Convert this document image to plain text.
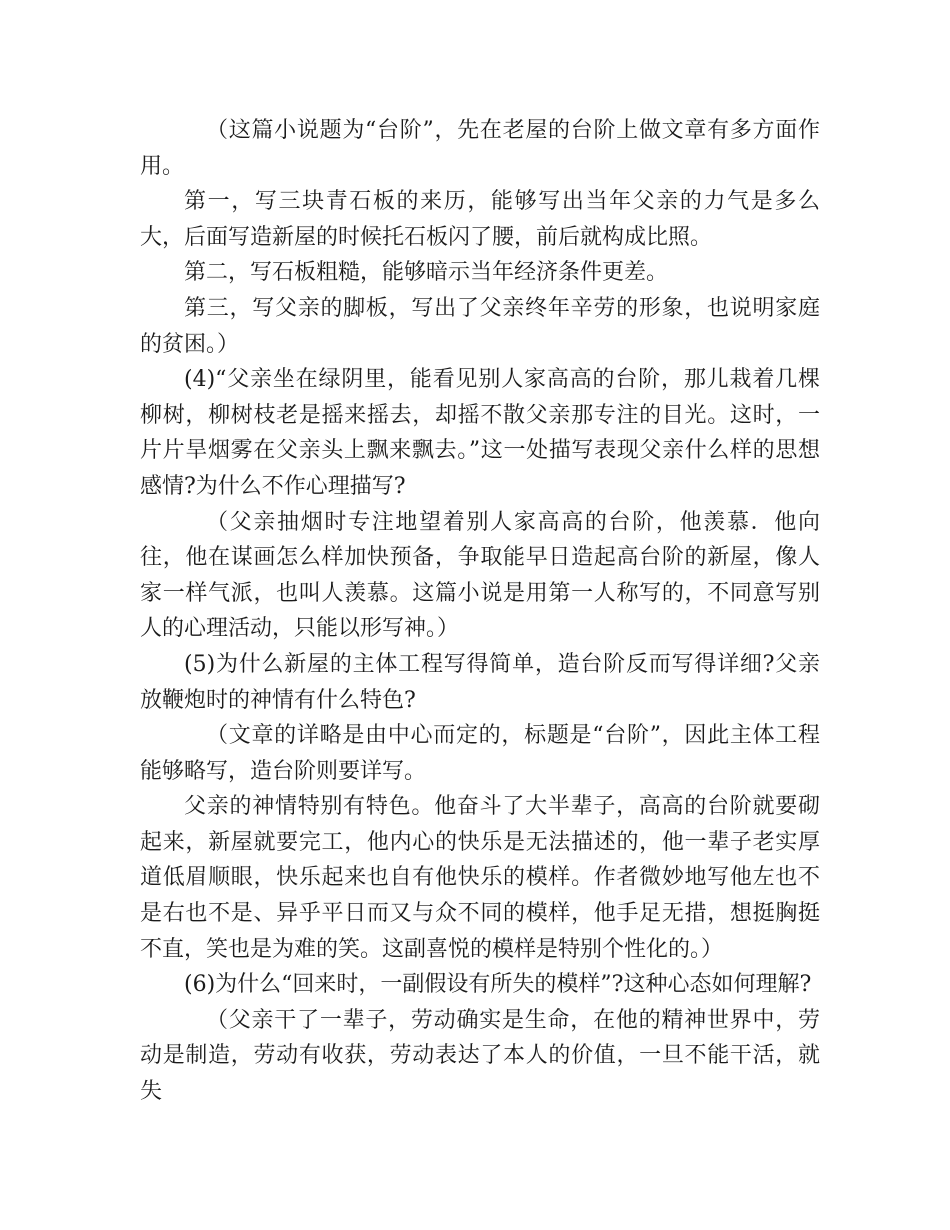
（这篇小说题为“台阶”，先在老屋的台阶上做文章有多方面作用。

第一，写三块青石板的来历，能够写出当年父亲的力气是多么大，后面写造新屋的时候托石板闪了腰，前后就构成比照。

第二，写石板粗糙，能够暗示当年经济条件更差。

第三，写父亲的脚板，写出了父亲终年辛劳的形象，也说明家庭的贫困。）

(4)“父亲坐在绿阴里，能看见别人家高高的台阶，那儿栽着几棵柳树，柳树枝老是摇来摇去，却摇不散父亲那专注的目光。这时，一片片旱烟雾在父亲头上飘来飘去。”这一处描写表现父亲什么样的思想感情?为什么不作心理描写?

（父亲抽烟时专注地望着别人家高高的台阶，他羡慕．他向往，他在谋画怎么样加快预备，争取能早日造起高台阶的新屋，像人家一样气派，也叫人羡慕。这篇小说是用第一人称写的，不同意写别人的心理活动，只能以形写神。）

(5)为什么新屋的主体工程写得简单，造台阶反而写得详细?父亲放鞭炮时的神情有什么特色?

（文章的详略是由中心而定的，标题是“台阶”，因此主体工程能够略写，造台阶则要详写。

父亲的神情特别有特色。他奋斗了大半辈子，高高的台阶就要砌起来，新屋就要完工，他内心的快乐是无法描述的，他一辈子老实厚道低眉顺眼，快乐起来也自有他快乐的模样。作者微妙地写他左也不是右也不是、异乎平日而又与众不同的模样，他手足无措，想挺胸挺不直，笑也是为难的笑。这副喜悦的模样是特别个性化的。）

(6)为什么“回来时，一副假设有所失的模样”?这种心态如何理解?

（父亲干了一辈子，劳动确实是生命，在他的精神世界中，劳动是制造，劳动有收获，劳动表达了本人的价值，一旦不能干活，就失
